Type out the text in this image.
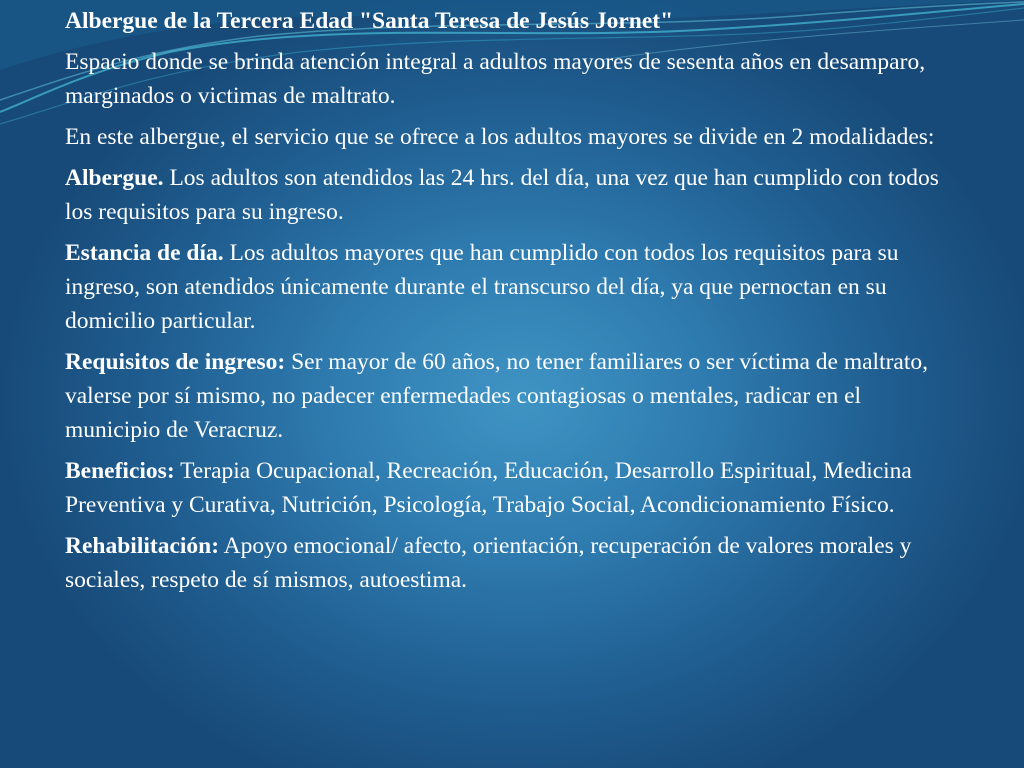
Albergue de la Tercera Edad "Santa Teresa de Jesús Jornet"

Espacio donde se brinda atención integral a adultos mayores de sesenta años en desamparo, marginados o victimas de maltrato.

En este albergue, el servicio que se ofrece a los adultos mayores se divide en 2 modalidades:

Albergue. Los adultos son atendidos las 24 hrs. del día, una vez que han cumplido con todos los requisitos para su ingreso.

Estancia de día. Los adultos mayores que han cumplido con todos los requisitos para su ingreso, son atendidos únicamente durante el transcurso del día, ya que pernoctan en su domicilio particular.

Requisitos de ingreso: Ser mayor de 60 años, no tener familiares o ser víctima de maltrato, valerse por sí mismo, no padecer enfermedades contagiosas o mentales, radicar en el municipio de Veracruz.

Beneficios: Terapia Ocupacional, Recreación, Educación, Desarrollo Espiritual, Medicina Preventiva y Curativa, Nutrición, Psicología, Trabajo Social, Acondicionamiento Físico.

Rehabilitación: Apoyo emocional/ afecto, orientación, recuperación de valores morales y sociales, respeto de sí mismos, autoestima.
